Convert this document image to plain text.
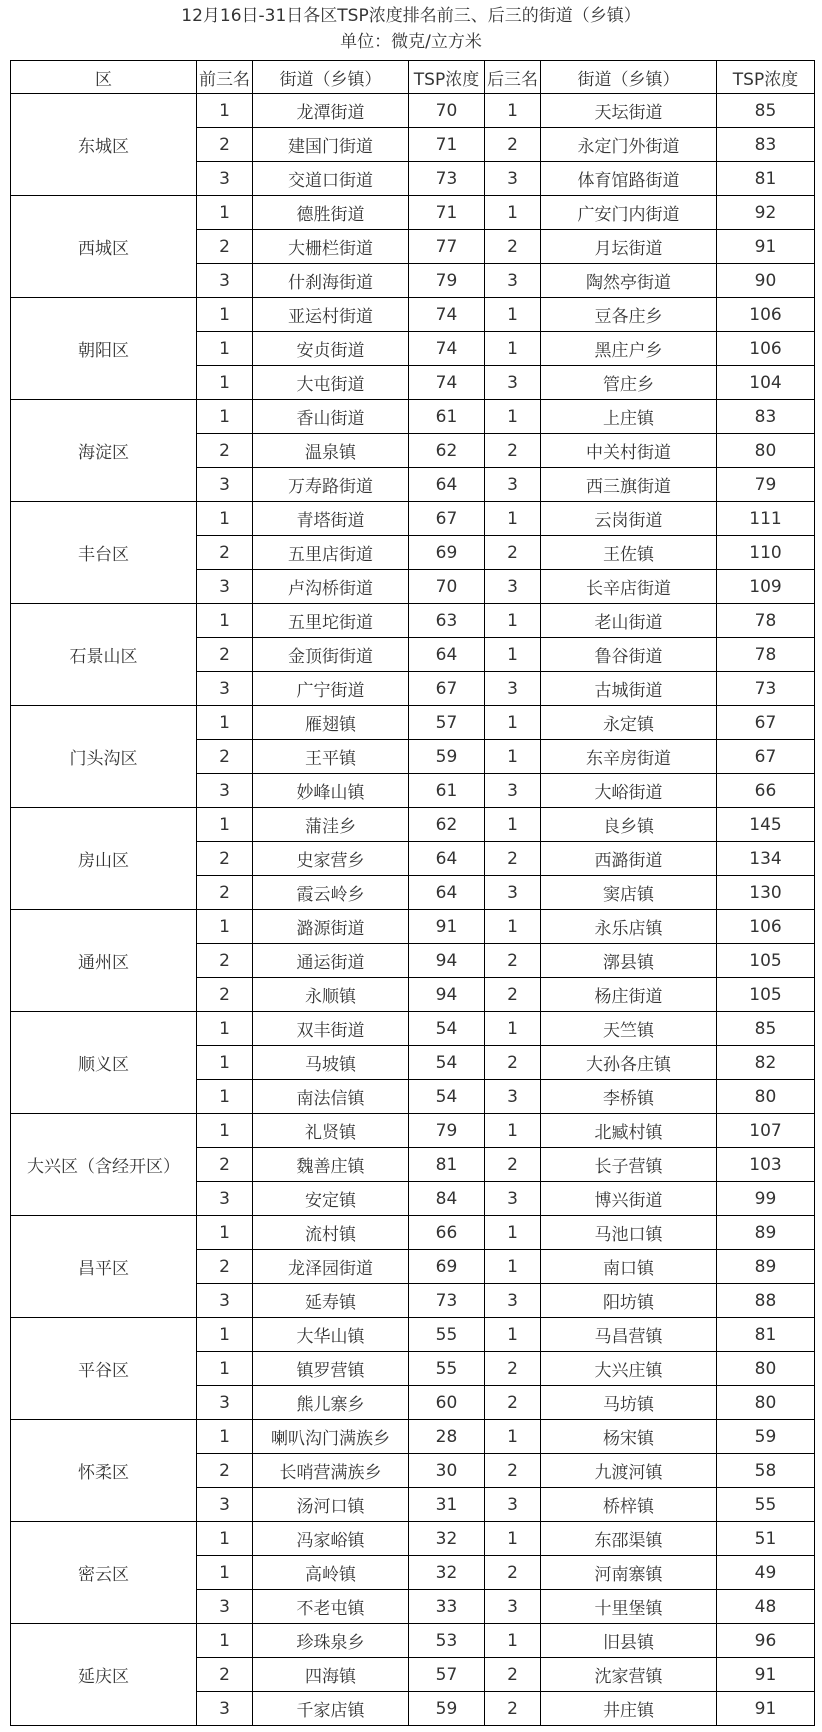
12月16日-31日各区TSP浓度排名前三、后三的街道（乡镇）
单位：微克/立方米
区	前三名	街道（乡镇）	TSP浓度	后三名	街道（乡镇）	TSP浓度
东城区	1	龙潭街道	70	1	天坛街道	85
	2	建国门街道	71	2	永定门外街道	83
	3	交道口街道	73	3	体育馆路街道	81
西城区	1	德胜街道	71	1	广安门内街道	92
	2	大栅栏街道	77	2	月坛街道	91
	3	什刹海街道	79	3	陶然亭街道	90
朝阳区	1	亚运村街道	74	1	豆各庄乡	106
	1	安贞街道	74	1	黑庄户乡	106
	1	大屯街道	74	3	管庄乡	104
海淀区	1	香山街道	61	1	上庄镇	83
	2	温泉镇	62	2	中关村街道	80
	3	万寿路街道	64	3	西三旗街道	79
丰台区	1	青塔街道	67	1	云岗街道	111
	2	五里店街道	69	2	王佐镇	110
	3	卢沟桥街道	70	3	长辛店街道	109
石景山区	1	五里坨街道	63	1	老山街道	78
	2	金顶街街道	64	1	鲁谷街道	78
	3	广宁街道	67	3	古城街道	73
门头沟区	1	雁翅镇	57	1	永定镇	67
	2	王平镇	59	1	东辛房街道	67
	3	妙峰山镇	61	3	大峪街道	66
房山区	1	蒲洼乡	62	1	良乡镇	145
	2	史家营乡	64	2	西潞街道	134
	2	霞云岭乡	64	3	窦店镇	130
通州区	1	潞源街道	91	1	永乐店镇	106
	2	通运街道	94	2	漷县镇	105
	2	永顺镇	94	2	杨庄街道	105
顺义区	1	双丰街道	54	1	天竺镇	85
	1	马坡镇	54	2	大孙各庄镇	82
	1	南法信镇	54	3	李桥镇	80
大兴区（含经开区）	1	礼贤镇	79	1	北臧村镇	107
	2	魏善庄镇	81	2	长子营镇	103
	3	安定镇	84	3	博兴街道	99
昌平区	1	流村镇	66	1	马池口镇	89
	2	龙泽园街道	69	1	南口镇	89
	3	延寿镇	73	3	阳坊镇	88
平谷区	1	大华山镇	55	1	马昌营镇	81
	1	镇罗营镇	55	2	大兴庄镇	80
	3	熊儿寨乡	60	2	马坊镇	80
怀柔区	1	喇叭沟门满族乡	28	1	杨宋镇	59
	2	长哨营满族乡	30	2	九渡河镇	58
	3	汤河口镇	31	3	桥梓镇	55
密云区	1	冯家峪镇	32	1	东邵渠镇	51
	1	高岭镇	32	2	河南寨镇	49
	3	不老屯镇	33	3	十里堡镇	48
延庆区	1	珍珠泉乡	53	1	旧县镇	96
	2	四海镇	57	2	沈家营镇	91
	3	千家店镇	59	2	井庄镇	91
